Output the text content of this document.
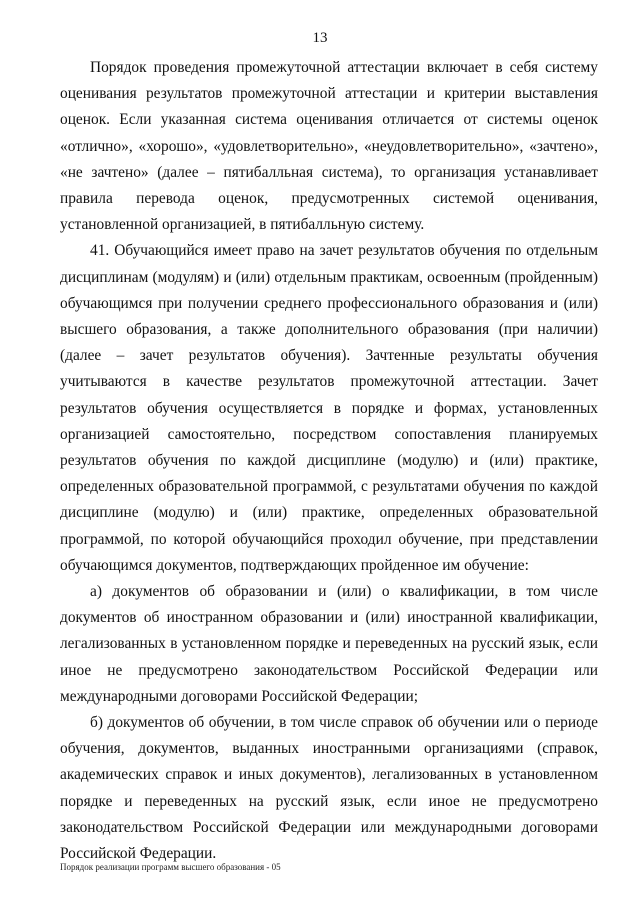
13

Порядок проведения промежуточной аттестации включает в себя систему оценивания результатов промежуточной аттестации и критерии выставления оценок. Если указанная система оценивания отличается от системы оценок «отлично», «хорошо», «удовлетворительно», «неудовлетворительно», «зачтено», «не зачтено» (далее – пятибалльная система), то организация устанавливает правила перевода оценок, предусмотренных системой оценивания, установленной организацией, в пятибалльную систему.

41. Обучающийся имеет право на зачет результатов обучения по отдельным дисциплинам (модулям) и (или) отдельным практикам, освоенным (пройденным) обучающимся при получении среднего профессионального образования и (или) высшего образования, а также дополнительного образования (при наличии) (далее – зачет результатов обучения). Зачтенные результаты обучения учитываются в качестве результатов промежуточной аттестации. Зачет результатов обучения осуществляется в порядке и формах, установленных организацией самостоятельно, посредством сопоставления планируемых результатов обучения по каждой дисциплине (модулю) и (или) практике, определенных образовательной программой, с результатами обучения по каждой дисциплине (модулю) и (или) практике, определенных образовательной программой, по которой обучающийся проходил обучение, при представлении обучающимся документов, подтверждающих пройденное им обучение:

а) документов об образовании и (или) о квалификации, в том числе документов об иностранном образовании и (или) иностранной квалификации, легализованных в установленном порядке и переведенных на русский язык, если иное не предусмотрено законодательством Российской Федерации или международными договорами Российской Федерации;

б) документов об обучении, в том числе справок об обучении или о периоде обучения, документов, выданных иностранными организациями (справок, академических справок и иных документов), легализованных в установленном порядке и переведенных на русский язык, если иное не предусмотрено законодательством Российской Федерации или международными договорами Российской Федерации.

Порядок реализации программ высшего образования - 05
